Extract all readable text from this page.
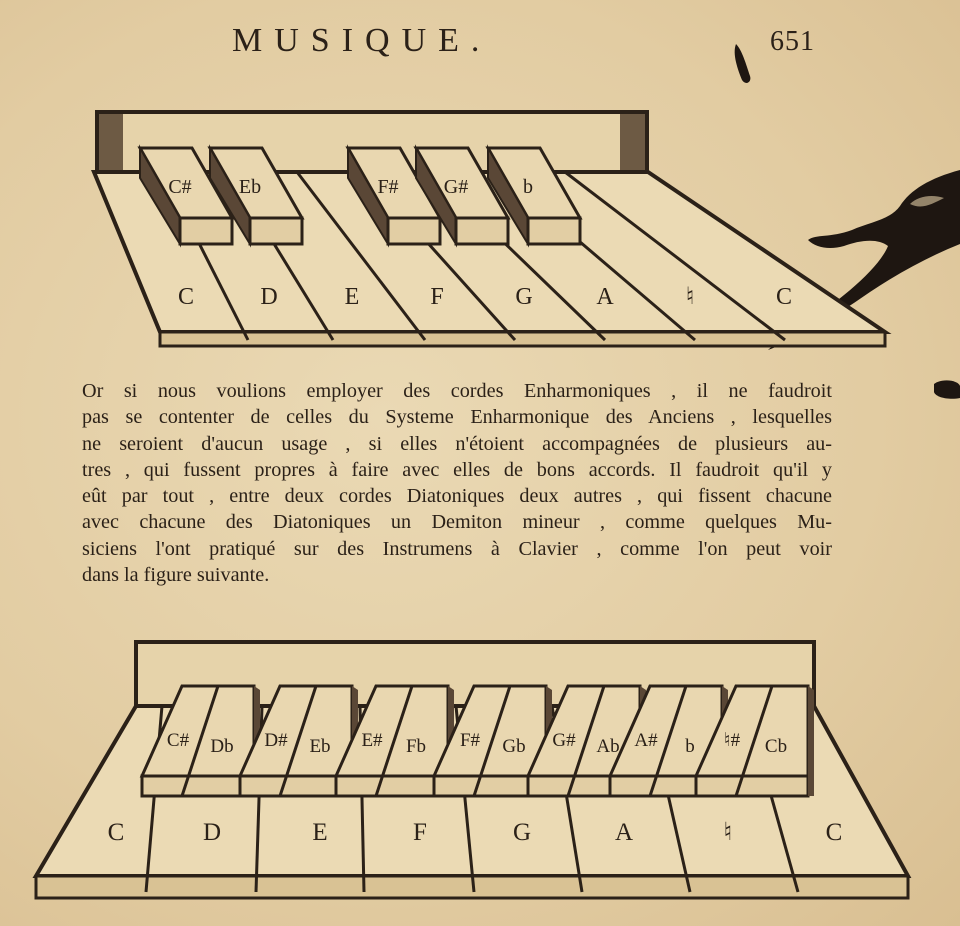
MUSIQUE.	651
C# Eb	F# G#	b
C	D	E	F	G	A	♮	C
Or si nous voulions employer des cordes Enharmoniques , il ne faudroit
pas se contenter de celles du Systeme Enharmonique des Anciens , lesquelles
ne seroient d'aucun usage , si elles n'étoient accompagnées de plusieurs au-
tres , qui fussent propres à faire avec elles de bons accords. Il faudroit qu'il y
eût par tout , entre deux cordes Diatoniques deux autres , qui fissent chacune
avec chacune des Diatoniques un Demiton mineur , comme quelques Mu-
siciens l'ont pratiqué sur des Instrumens à Clavier , comme l'on peut voir
dans la figure suivante.
C# Db D# Eb E# Fb F# Gb G# Ab A# b ♮# Cb
C	D	E	F	G	A	♮	C
